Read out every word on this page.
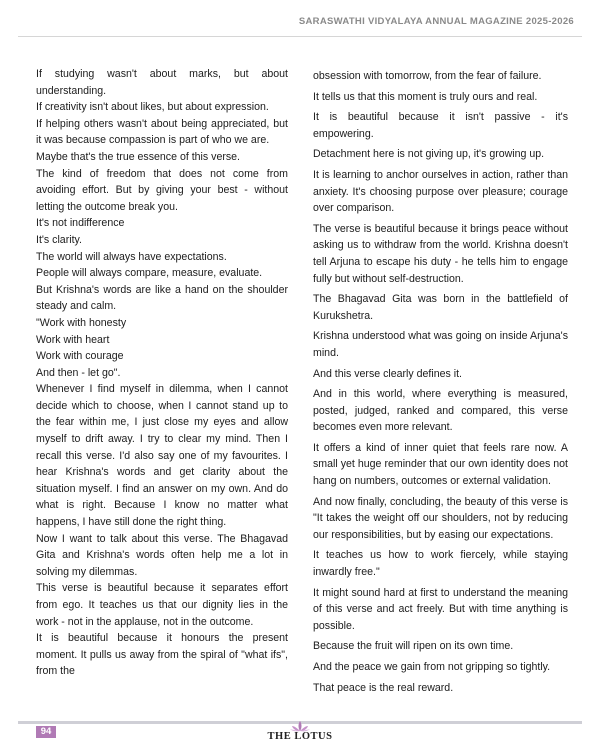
SARASWATHI VIDYALAYA ANNUAL MAGAZINE 2025-2026

If studying wasn't about marks, but about understanding.

If creativity isn't about likes, but about expression.

If helping others wasn't about being appreciated, but it was because compassion is part of who we are.

Maybe that's the true essence of this verse.

The kind of freedom that does not come from avoiding effort. But by giving your best - without letting the outcome break you.

It's not indifference

It's clarity.

The world will always have expectations.

People will always compare, measure, evaluate.

But Krishna's words are like a hand on the shoulder steady and calm.

"Work with honesty

Work with heart

Work with courage

And then - let go".

Whenever I find myself in dilemma, when I cannot decide which to choose, when I cannot stand up to the fear within me, I just close my eyes and allow myself to drift away. I try to clear my mind. Then I recall this verse. I'd also say one of my favourites. I hear Krishna's words and get clarity about the situation myself. I find an answer on my own. And do what is right. Because I know no matter what happens, I have still done the right thing.

Now I want to talk about this verse. The Bhagavad Gita and Krishna's words often help me a lot in solving my dilemmas.

This verse is beautiful because it separates effort from ego. It teaches us that our dignity lies in the work - not in the applause, not in the outcome.

It is beautiful because it honours the present moment. It pulls us away from the spiral of "what ifs", from the

obsession with tomorrow, from the fear of failure.

It tells us that this moment is truly ours and real.

It is beautiful because it isn't passive - it's empowering.

Detachment here is not giving up, it's growing up.

It is learning to anchor ourselves in action, rather than anxiety. It's choosing purpose over pleasure; courage over comparison.

The verse is beautiful because it brings peace without asking us to withdraw from the world. Krishna doesn't tell Arjuna to escape his duty - he tells him to engage fully but without self-destruction.

The Bhagavad Gita was born in the battlefield of Kurukshetra.

Krishna understood what was going on inside Arjuna's mind.

And this verse clearly defines it.

And in this world, where everything is measured, posted, judged, ranked and compared, this verse becomes even more relevant.

It offers a kind of inner quiet that feels rare now. A small yet huge reminder that our own identity does not hang on numbers, outcomes or external validation.

And now finally, concluding, the beauty of this verse is "It takes the weight off our shoulders, not by reducing our responsibilities, but by easing our expectations.

It teaches us how to work fiercely, while staying inwardly free."

It might sound hard at first to understand the meaning of this verse and act freely. But with time anything is possible.

Because the fruit will ripen on its own time.

And the peace we gain from not gripping so tightly.

That peace is the real reward.

94	THE LOTUS
